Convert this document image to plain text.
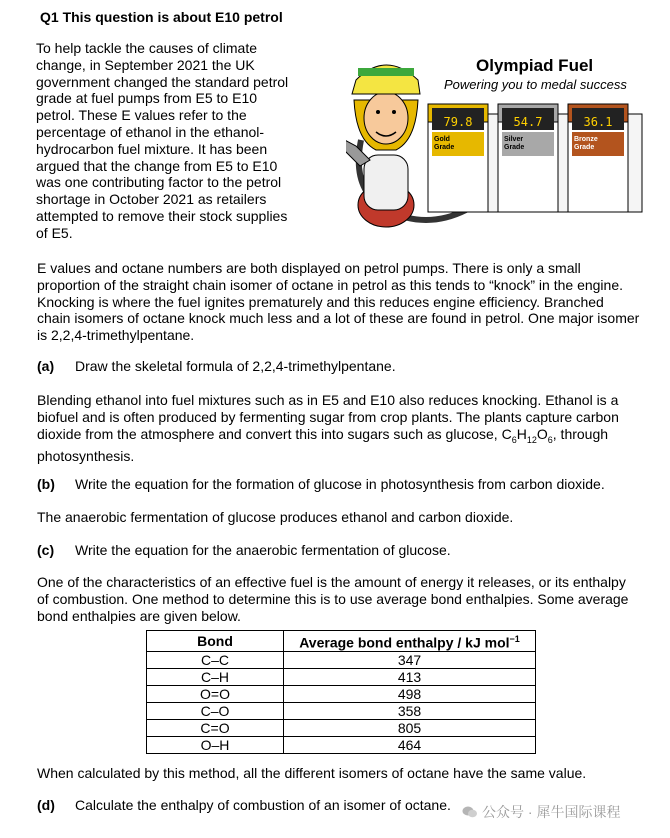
Q1 This question is about E10 petrol

To help tackle the causes of climate change, in September 2021 the UK government changed the standard petrol grade at fuel pumps from E5 to E10 petrol. These E values refer to the percentage of ethanol in the ethanol-hydrocarbon fuel mixture. It has been argued that the change from E5 to E10 was one contributing factor to the petrol shortage in October 2021 as retailers attempted to remove their stock supplies of E5.

Olympiad Fuel
Powering you to medal success
79.8	54.7	36.1
Gold Grade
Silver Grade
Bronze Grade

E values and octane numbers are both displayed on petrol pumps. There is only a small proportion of the straight chain isomer of octane in petrol as this tends to “knock” in the engine. Knocking is where the fuel ignites prematurely and this reduces engine efficiency. Branched chain isomers of octane knock much less and a lot of these are found in petrol. One major isomer is 2,2,4-trimethylpentane.

(a) Draw the skeletal formula of 2,2,4-trimethylpentane.

Blending ethanol into fuel mixtures such as in E5 and E10 also reduces knocking. Ethanol is a biofuel and is often produced by fermenting sugar from crop plants. The plants capture carbon dioxide from the atmosphere and convert this into sugars such as glucose, $C_6H_{12}O_6$, through photosynthesis.

(b) Write the equation for the formation of glucose in photosynthesis from carbon dioxide.

The anaerobic fermentation of glucose produces ethanol and carbon dioxide.

(c) Write the equation for the anaerobic fermentation of glucose.

One of the characteristics of an effective fuel is the amount of energy it releases, or its enthalpy of combustion. One method to determine this is to use average bond enthalpies. Some average bond enthalpies are given below.

Bond	Average bond enthalpy / kJ mol$^{-1}$
C–C	347
C–H	413
O=O	498
C–O	358
C=O	805
O–H	464

When calculated by this method, all the different isomers of octane have the same value.

(d) Calculate the enthalpy of combustion of an isomer of octane.	公众号 · 犀牛国际课程
